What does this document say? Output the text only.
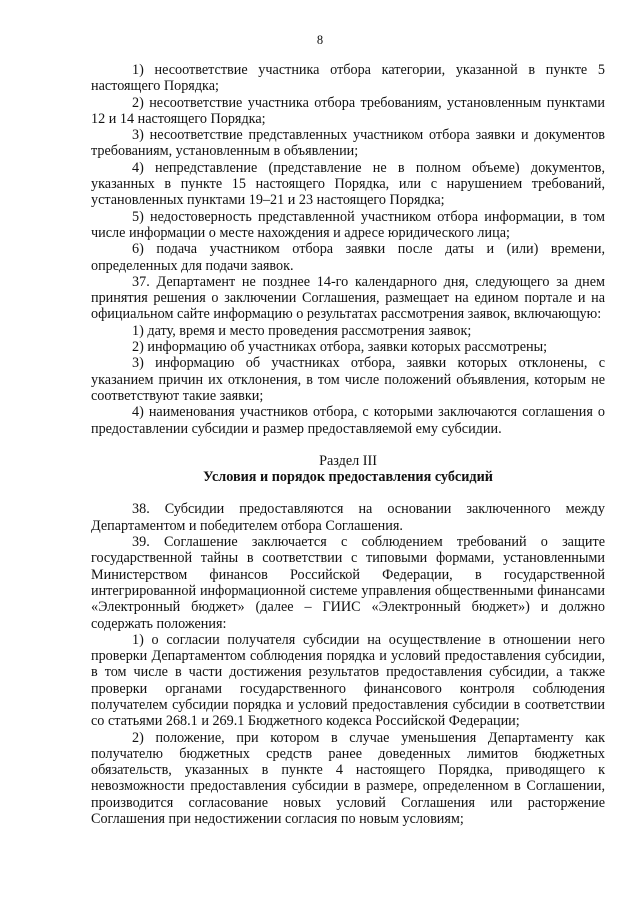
8

1) несоответствие участника отбора категории, указанной в пункте 5 настоящего Порядка;

2) несоответствие участника отбора требованиям, установленным пунктами 12 и 14 настоящего Порядка;

3) несоответствие представленных участником отбора заявки и документов требованиям, установленным в объявлении;

4) непредставление (представление не в полном объеме) документов, указанных в пункте 15 настоящего Порядка, или с нарушением требований, установленных пунктами 19–21 и 23 настоящего Порядка;

5) недостоверность представленной участником отбора информации, в том числе информации о месте нахождения и адресе юридического лица;

6) подача участником отбора заявки после даты и (или) времени, определенных для подачи заявок.

37. Департамент не позднее 14-го календарного дня, следующего за днем принятия решения о заключении Соглашения, размещает на едином портале и на официальном сайте информацию о результатах рассмотрения заявок, включающую:

1) дату, время и место проведения рассмотрения заявок;

2) информацию об участниках отбора, заявки которых рассмотрены;

3) информацию об участниках отбора, заявки которых отклонены, с указанием причин их отклонения, в том числе положений объявления, которым не соответствуют такие заявки;

4) наименования участников отбора, с которыми заключаются соглашения о предоставлении субсидии и размер предоставляемой ему субсидии.

Раздел III

Условия и порядок предоставления субсидий

38. Субсидии предоставляются на основании заключенного между Департаментом и победителем отбора Соглашения.

39. Соглашение заключается с соблюдением требований о защите государственной тайны в соответствии с типовыми формами, установленными Министерством финансов Российской Федерации, в государственной интегрированной информационной системе управления общественными финансами «Электронный бюджет» (далее – ГИИС «Электронный бюджет») и должно содержать положения:

1) о согласии получателя субсидии на осуществление в отношении него проверки Департаментом соблюдения порядка и условий предоставления субсидии, в том числе в части достижения результатов предоставления субсидии, а также проверки органами государственного финансового контроля соблюдения получателем субсидии порядка и условий предоставления субсидии в соответствии со статьями 268.1 и 269.1 Бюджетного кодекса Российской Федерации;

2) положение, при котором в случае уменьшения Департаменту как получателю бюджетных средств ранее доведенных лимитов бюджетных обязательств, указанных в пункте 4 настоящего Порядка, приводящего к невозможности предоставления субсидии в размере, определенном в Соглашении, производится согласование новых условий Соглашения или расторжение Соглашения при недостижении согласия по новым условиям;
